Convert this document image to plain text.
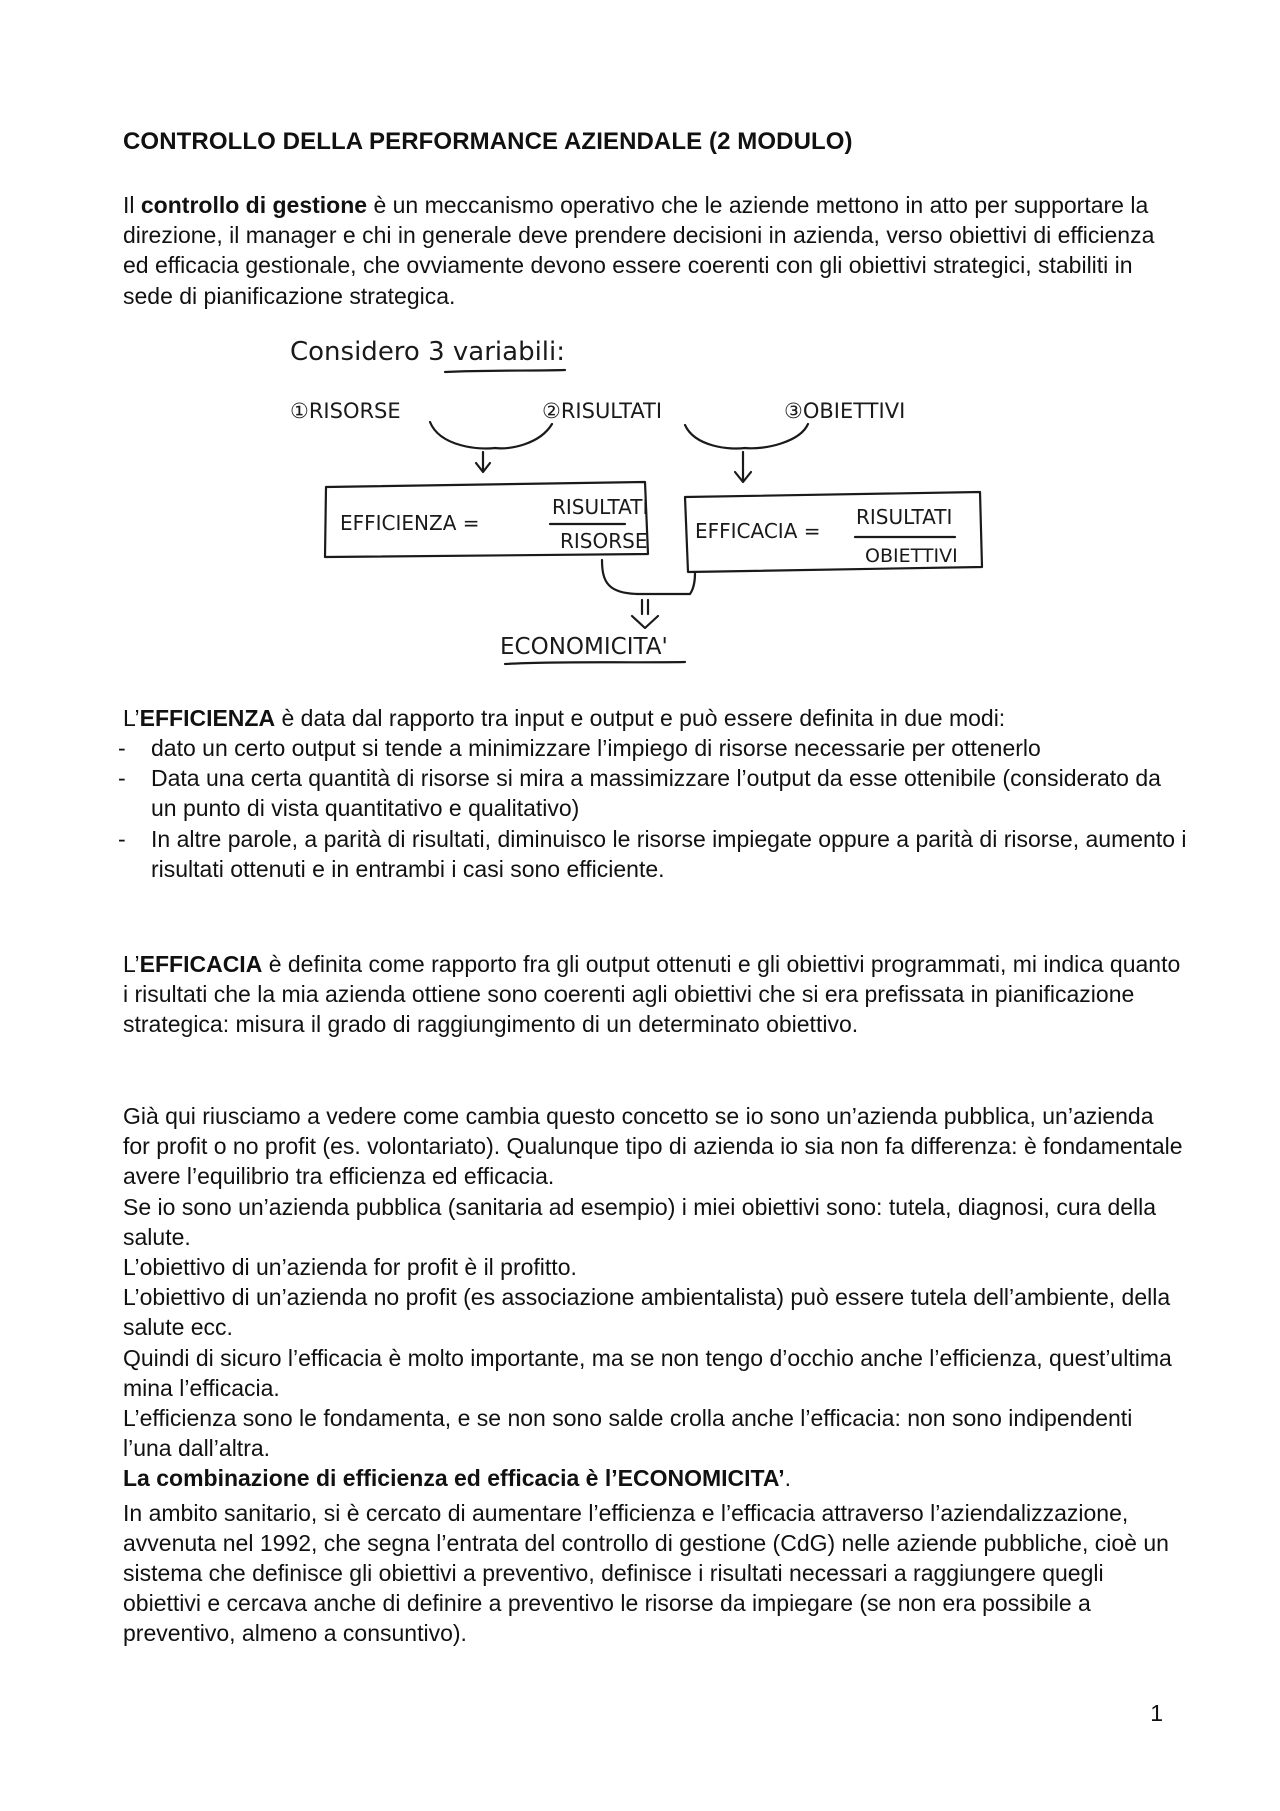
CONTROLLO DELLA PERFORMANCE AZIENDALE (2 MODULO)

Il controllo di gestione è un meccanismo operativo che le aziende mettono in atto per supportare la direzione, il manager e chi in generale deve prendere decisioni in azienda, verso obiettivi di efficienza ed efficacia gestionale, che ovviamente devono essere coerenti con gli obiettivi strategici, stabiliti in sede di pianificazione strategica.

Considero 3 variabili:
①RISORSE	②RISULTATI	③OBIETTIVI
EFFICIENZA =
RISULTATI
RISORSE EFFICACIA =
RISULTATI
OBIETTIVI
ECONOMICITA'

L’EFFICIENZA è data dal rapporto tra input e output e può essere definita in due modi:

- dato un certo output si tende a minimizzare l’impiego di risorse necessarie per ottenerlo
- Data una certa quantità di risorse si mira a massimizzare l’output da esse ottenibile (considerato da un punto di vista quantitativo e qualitativo)
- In altre parole, a parità di risultati, diminuisco le risorse impiegate oppure a parità di risorse, aumento i risultati ottenuti e in entrambi i casi sono efficiente.

L’EFFICACIA è definita come rapporto fra gli output ottenuti e gli obiettivi programmati, mi indica quanto i risultati che la mia azienda ottiene sono coerenti agli obiettivi che si era prefissata in pianificazione strategica: misura il grado di raggiungimento di un determinato obiettivo.

Già qui riusciamo a vedere come cambia questo concetto se io sono un’azienda pubblica, un’azienda for profit o no profit (es. volontariato). Qualunque tipo di azienda io sia non fa differenza: è fondamentale avere l’equilibrio tra efficienza ed efficacia.
Se io sono un’azienda pubblica (sanitaria ad esempio) i miei obiettivi sono: tutela, diagnosi, cura della salute.
L’obiettivo di un’azienda for profit è il profitto.
L’obiettivo di un’azienda no profit (es associazione ambientalista) può essere tutela dell’ambiente, della salute ecc.
Quindi di sicuro l’efficacia è molto importante, ma se non tengo d’occhio anche l’efficienza, quest’ultima mina l’efficacia.
L’efficienza sono le fondamenta, e se non sono salde crolla anche l’efficacia: non sono indipendenti l’una dall’altra.
La combinazione di efficienza ed efficacia è l’ECONOMICITA’.
In ambito sanitario, si è cercato di aumentare l’efficienza e l’efficacia attraverso l’aziendalizzazione, avvenuta nel 1992, che segna l’entrata del controllo di gestione (CdG) nelle aziende pubbliche, cioè un sistema che definisce gli obiettivi a preventivo, definisce i risultati necessari a raggiungere quegli obiettivi e cercava anche di definire a preventivo le risorse da impiegare (se non era possibile a preventivo, almeno a consuntivo).
1
